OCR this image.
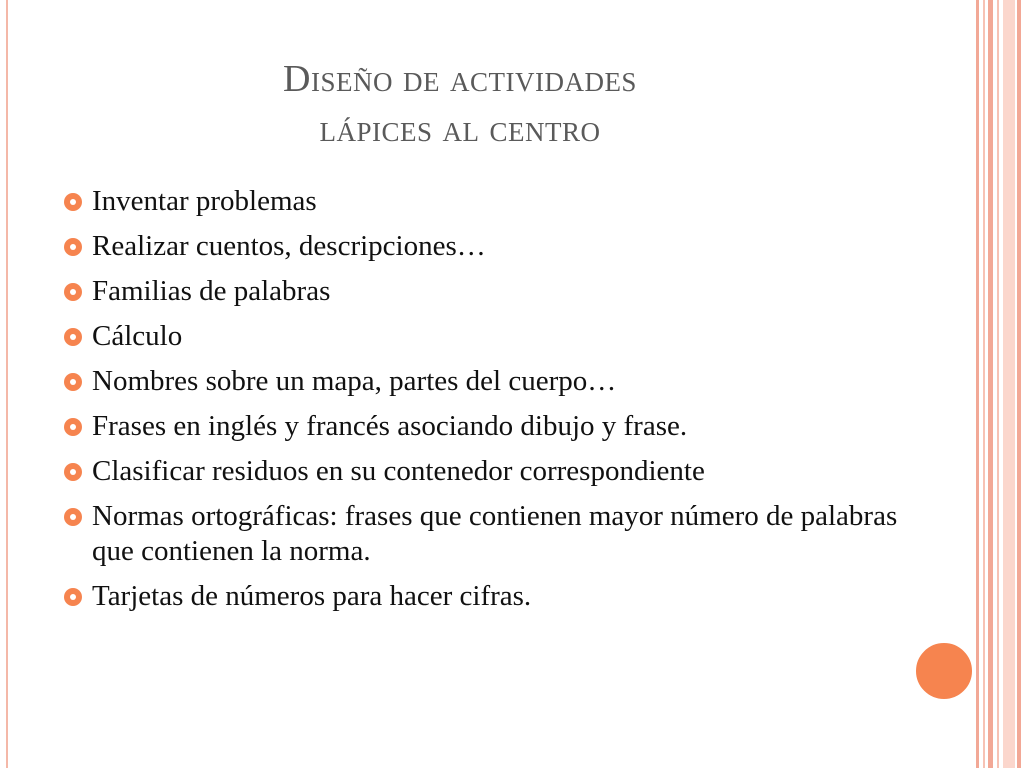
Diseño de actividades
lápices al centro
Inventar problemas
Realizar cuentos, descripciones…
Familias de palabras
Cálculo
Nombres sobre un mapa, partes del cuerpo…
Frases en inglés y francés asociando dibujo y frase.
Clasificar residuos en su contenedor correspondiente
Normas ortográficas: frases que contienen mayor número de palabras que contienen la norma.
Tarjetas de números para hacer cifras.
